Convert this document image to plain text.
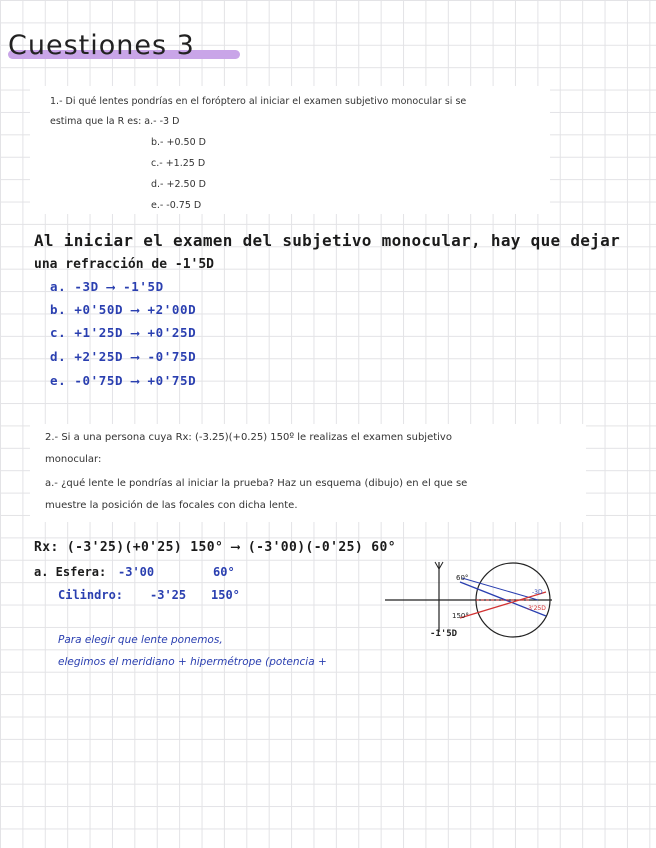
Cuestiones 3
1.- Di qué lentes pondrías en el foróptero al iniciar el examen subjetivo monocular si se
estima que la R es: a.- -3 D
b.- +0.50 D
c.- +1.25 D
d.- +2.50 D
e.- -0.75 D
Al iniciar el examen del subjetivo monocular, hay que dejar
una refracción de -1'5D
a. -3D ⟶ -1'5D
b. +0'50D ⟶ +2'00D
c. +1'25D ⟶ +0'25D
d. +2'25D ⟶ -0'75D
e. -0'75D ⟶ +0'75D
2.- Si a una persona cuya Rx: (-3.25)(+0.25) 150º le realizas el examen subjetivo
monocular:
a.- ¿qué lente le pondrías al iniciar la prueba? Haz un esquema (dibujo) en el que se
muestre la posición de las focales con dicha lente.
Rx: (-3'25)(+0'25) 150° ⟶ (-3'00)(-0'25) 60°
a. Esfera: -3'00	60°
Cilindro: -3'25 150°
Para elegir que lente ponemos,
elegimos el meridiano + hipermétrope (potencia +
60°
150°
-3D
-3'25D
-1'5D
